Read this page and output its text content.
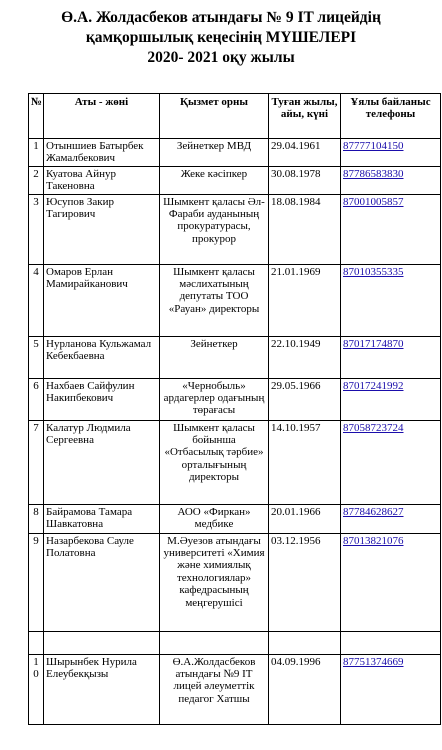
Ө.А. Жолдасбеков атындағы № 9 IT лицейдің
қамқоршылық кеңесінің МҮШЕЛЕРІ
2020- 2021 оқу жылы
№	Аты - жөні	Қызмет орны	Туған жылы, айы, күні	Ұялы байланыс телефоны
1	Отыншиев Батырбек Жамалбекович	Зейнеткер МВД	29.04.1961	87777104150
2	Куатова Айнур Такеновна	Жеке кәсіпкер	30.08.1978	87786583830
3	Юсупов Закир Тагирович	Шымкент қаласы Әл-Фараби ауданының прокуратурасы, прокурор	18.08.1984	87001005857
4	Омаров Ерлан Мамирайканович	Шымкент қаласы мәслихатының депутаты ТОО «Рауан» директоры	21.01.1969	87010355335
5	Нурланова Кульжамал Кебекбаевна	Зейнеткер	22.10.1949	87017174870
6	Нахбаев Сайфулин Накипбекович	«Чернобыль» ардагерлер одағының төрағасы	29.05.1966	87017241992
7	Калатур Людмила Сергеевна	Шымкент қаласы бойынша «Отбасылық тәрбие» орталығының директоры	14.10.1957	87058723724
8	Байрамова Тамара Шавкатовна	АОО «Фиркан» медбике	20.01.1966	87784628627
9	Назарбекова Сауле Полатовна	М.Әуезов атындағы университеті «Химия және химиялық технологиялар» кафедрасының меңгерушісі	03.12.1956	87013821076

10	Шырынбек Нурила Елеубекқызы	Ө.А.Жолдасбеков атындағы №9 IT лицей әлеуметтік педагог Хатшы	04.09.1996	87751374669
